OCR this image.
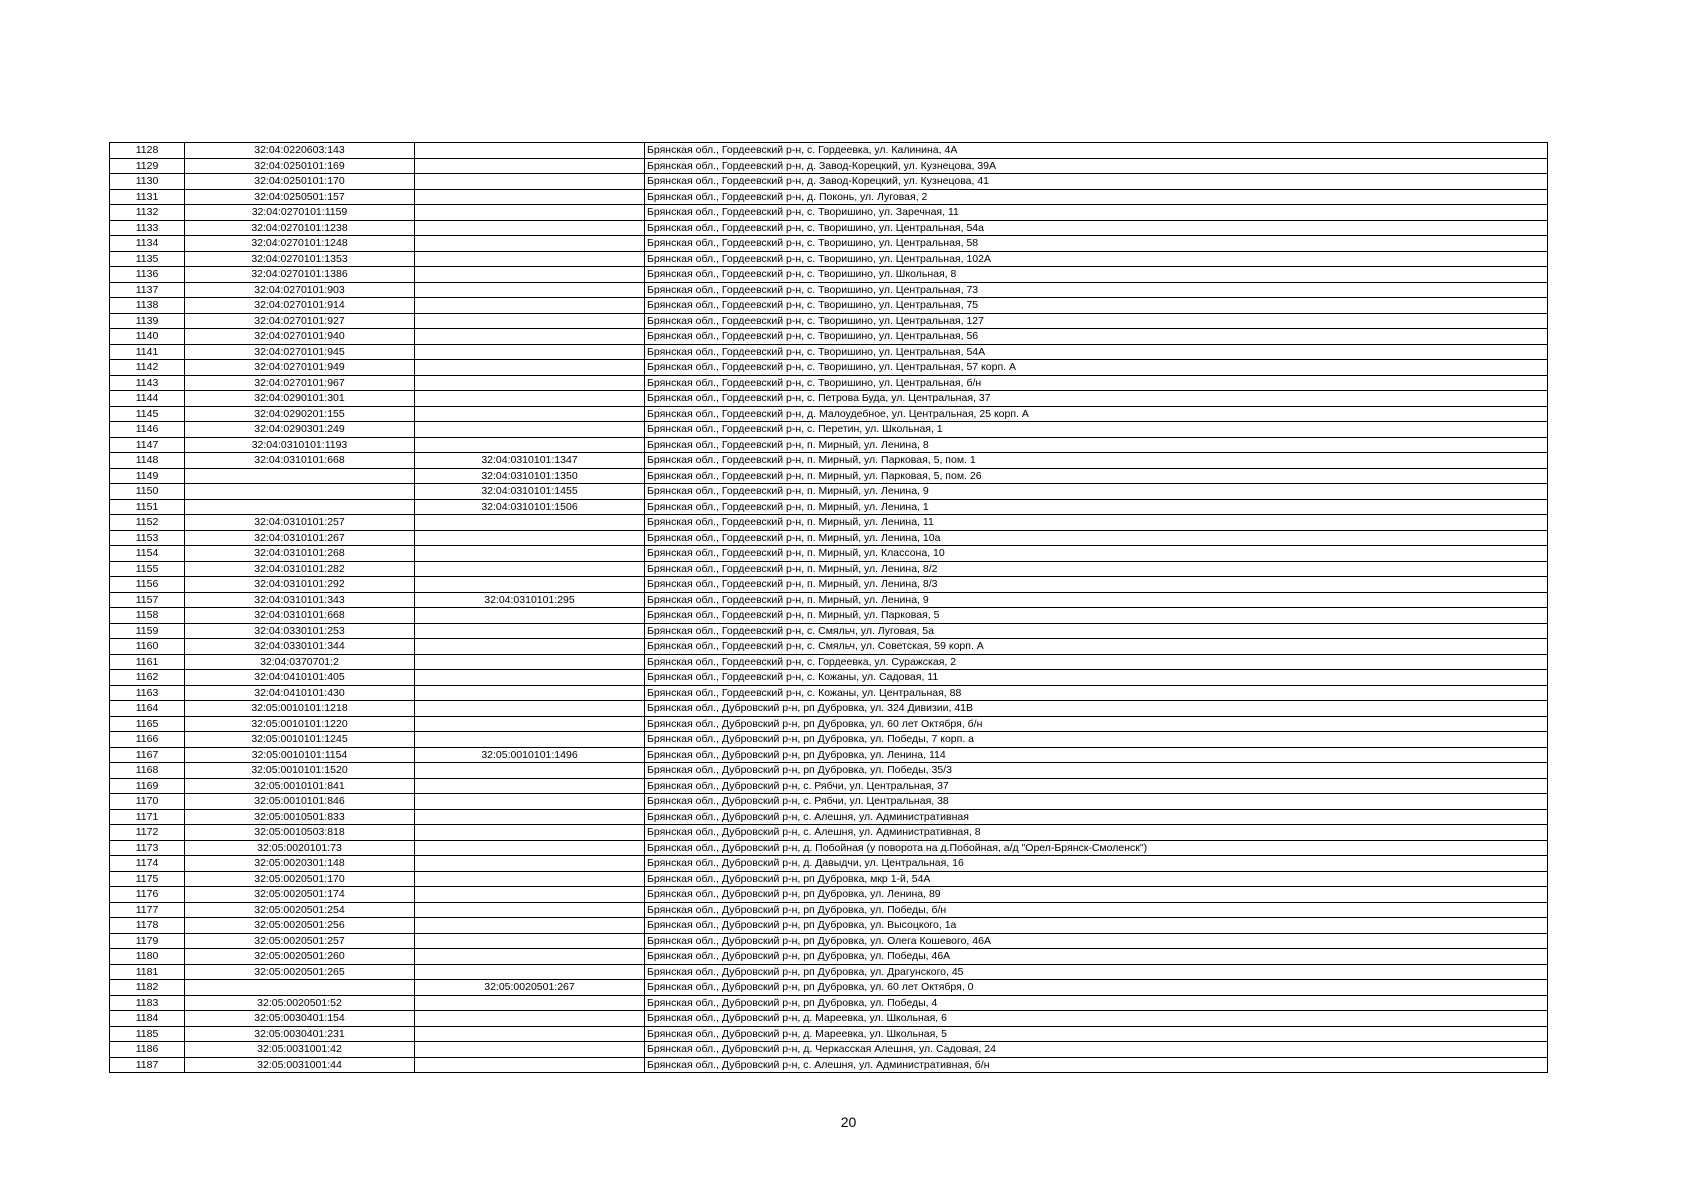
1128	32:04:0220603:143		Брянская обл., Гордеевский р-н, с. Гордеевка, ул. Калинина, 4А
1129	32:04:0250101:169		Брянская обл., Гордеевский р-н, д. Завод-Корецкий, ул. Кузнецова, 39А
1130	32:04:0250101:170		Брянская обл., Гордеевский р-н, д. Завод-Корецкий, ул. Кузнецова, 41
1131	32:04:0250501:157		Брянская обл., Гордеевский р-н, д. Поконь, ул. Луговая, 2
1132	32:04:0270101:1159		Брянская обл., Гордеевский р-н, с. Творишино, ул. Заречная, 11
1133	32:04:0270101:1238		Брянская обл., Гордеевский р-н, с. Творишино, ул. Центральная, 54а
1134	32:04:0270101:1248		Брянская обл., Гордеевский р-н, с. Творишино, ул. Центральная, 58
1135	32:04:0270101:1353		Брянская обл., Гордеевский р-н, с. Творишино, ул. Центральная, 102А
1136	32:04:0270101:1386		Брянская обл., Гордеевский р-н, с. Творишино, ул. Школьная, 8
1137	32:04:0270101:903		Брянская обл., Гордеевский р-н, с. Творишино, ул. Центральная, 73
1138	32:04:0270101:914		Брянская обл., Гордеевский р-н, с. Творишино, ул. Центральная, 75
1139	32:04:0270101:927		Брянская обл., Гордеевский р-н, с. Творишино, ул. Центральная, 127
1140	32:04:0270101:940		Брянская обл., Гордеевский р-н, с. Творишино, ул. Центральная, 56
1141	32:04:0270101:945		Брянская обл., Гордеевский р-н, с. Творишино, ул. Центральная, 54А
1142	32:04:0270101:949		Брянская обл., Гордеевский р-н, с. Творишино, ул. Центральная, 57 корп. А
1143	32:04:0270101:967		Брянская обл., Гордеевский р-н, с. Творишино, ул. Центральная, б/н
1144	32:04:0290101:301		Брянская обл., Гордеевский р-н, с. Петрова Буда, ул. Центральная, 37
1145	32:04:0290201:155		Брянская обл., Гордеевский р-н, д. Малоудебное, ул. Центральная, 25 корп. А
1146	32:04:0290301:249		Брянская обл., Гордеевский р-н, с. Перетин, ул. Школьная, 1
1147	32:04:0310101:1193		Брянская обл., Гордеевский р-н, п. Мирный, ул. Ленина, 8
1148	32:04:0310101:668	32:04:0310101:1347	Брянская обл., Гордеевский р-н, п. Мирный, ул. Парковая, 5, пом. 1
1149		32:04:0310101:1350	Брянская обл., Гордеевский р-н, п. Мирный, ул. Парковая, 5, пом. 26
1150		32:04:0310101:1455	Брянская обл., Гордеевский р-н, п. Мирный, ул. Ленина, 9
1151		32:04:0310101:1506	Брянская обл., Гордеевский р-н, п. Мирный, ул. Ленина, 1
1152	32:04:0310101:257		Брянская обл., Гордеевский р-н, п. Мирный, ул. Ленина, 11
1153	32:04:0310101:267		Брянская обл., Гордеевский р-н, п. Мирный, ул. Ленина, 10а
1154	32:04:0310101:268		Брянская обл., Гордеевский р-н, п. Мирный, ул. Классона, 10
1155	32:04:0310101:282		Брянская обл., Гордеевский р-н, п. Мирный, ул. Ленина, 8/2
1156	32:04:0310101:292		Брянская обл., Гордеевский р-н, п. Мирный, ул. Ленина, 8/3
1157	32:04:0310101:343	32:04:0310101:295	Брянская обл., Гордеевский р-н, п. Мирный, ул. Ленина, 9
1158	32:04:0310101:668		Брянская обл., Гордеевский р-н, п. Мирный, ул. Парковая, 5
1159	32:04:0330101:253		Брянская обл., Гордеевский р-н, с. Смяльч, ул. Луговая, 5а
1160	32:04:0330101:344		Брянская обл., Гордеевский р-н, с. Смяльч, ул. Советская, 59 корп. А
1161	32:04:0370701:2		Брянская обл., Гордеевский р-н, с. Гордеевка, ул. Суражская, 2
1162	32:04:0410101:405		Брянская обл., Гордеевский р-н, с. Кожаны, ул. Садовая, 11
1163	32:04:0410101:430		Брянская обл., Гордеевский р-н, с. Кожаны, ул. Центральная, 88
1164	32:05:0010101:1218		Брянская обл., Дубровский р-н, рп Дубровка, ул. 324 Дивизии, 41В
1165	32:05:0010101:1220		Брянская обл., Дубровский р-н, рп Дубровка, ул. 60 лет Октября, б/н
1166	32:05:0010101:1245		Брянская обл., Дубровский р-н, рп Дубровка, ул. Победы, 7 корп. а
1167	32:05:0010101:1154	32:05:0010101:1496	Брянская обл., Дубровский р-н, рп Дубровка, ул. Ленина, 114
1168	32:05:0010101:1520		Брянская обл., Дубровский р-н, рп Дубровка, ул. Победы, 35/3
1169	32:05:0010101:841		Брянская обл., Дубровский р-н, с. Рябчи, ул. Центральная, 37
1170	32:05:0010101:846		Брянская обл., Дубровский р-н, с. Рябчи, ул. Центральная, 38
1171	32:05:0010501:833		Брянская обл., Дубровский р-н, с. Алешня, ул. Административная
1172	32:05:0010503:818		Брянская обл., Дубровский р-н, с. Алешня, ул. Административная, 8
1173	32:05:0020101:73		Брянская обл., Дубровский р-н, д. Побойная (у поворота на д.Побойная, а/д "Орел-Брянск-Смоленск")
1174	32:05:0020301:148		Брянская обл., Дубровский р-н, д. Давыдчи, ул. Центральная, 16
1175	32:05:0020501:170		Брянская обл., Дубровский р-н, рп Дубровка, мкр 1-й, 54А
1176	32:05:0020501:174		Брянская обл., Дубровский р-н, рп Дубровка, ул. Ленина, 89
1177	32:05:0020501:254		Брянская обл., Дубровский р-н, рп Дубровка, ул. Победы, б/н
1178	32:05:0020501:256		Брянская обл., Дубровский р-н, рп Дубровка, ул. Высоцкого, 1а
1179	32:05:0020501:257		Брянская обл., Дубровский р-н, рп Дубровка, ул. Олега Кошевого, 46А
1180	32:05:0020501:260		Брянская обл., Дубровский р-н, рп Дубровка, ул. Победы, 46А
1181	32:05:0020501:265		Брянская обл., Дубровский р-н, рп Дубровка, ул. Драгунского, 45
1182		32:05:0020501:267	Брянская обл., Дубровский р-н, рп Дубровка, ул. 60 лет Октября, 0
1183	32:05:0020501:52		Брянская обл., Дубровский р-н, рп Дубровка, ул. Победы, 4
1184	32:05:0030401:154		Брянская обл., Дубровский р-н, д. Мареевка, ул. Школьная, 6
1185	32:05:0030401:231		Брянская обл., Дубровский р-н, д. Мареевка, ул. Школьная, 5
1186	32:05:0031001:42		Брянская обл., Дубровский р-н, д. Черкасская Алешня, ул. Садовая, 24
1187	32:05:0031001:44		Брянская обл., Дубровский р-н, с. Алешня, ул. Административная, б/н
20
